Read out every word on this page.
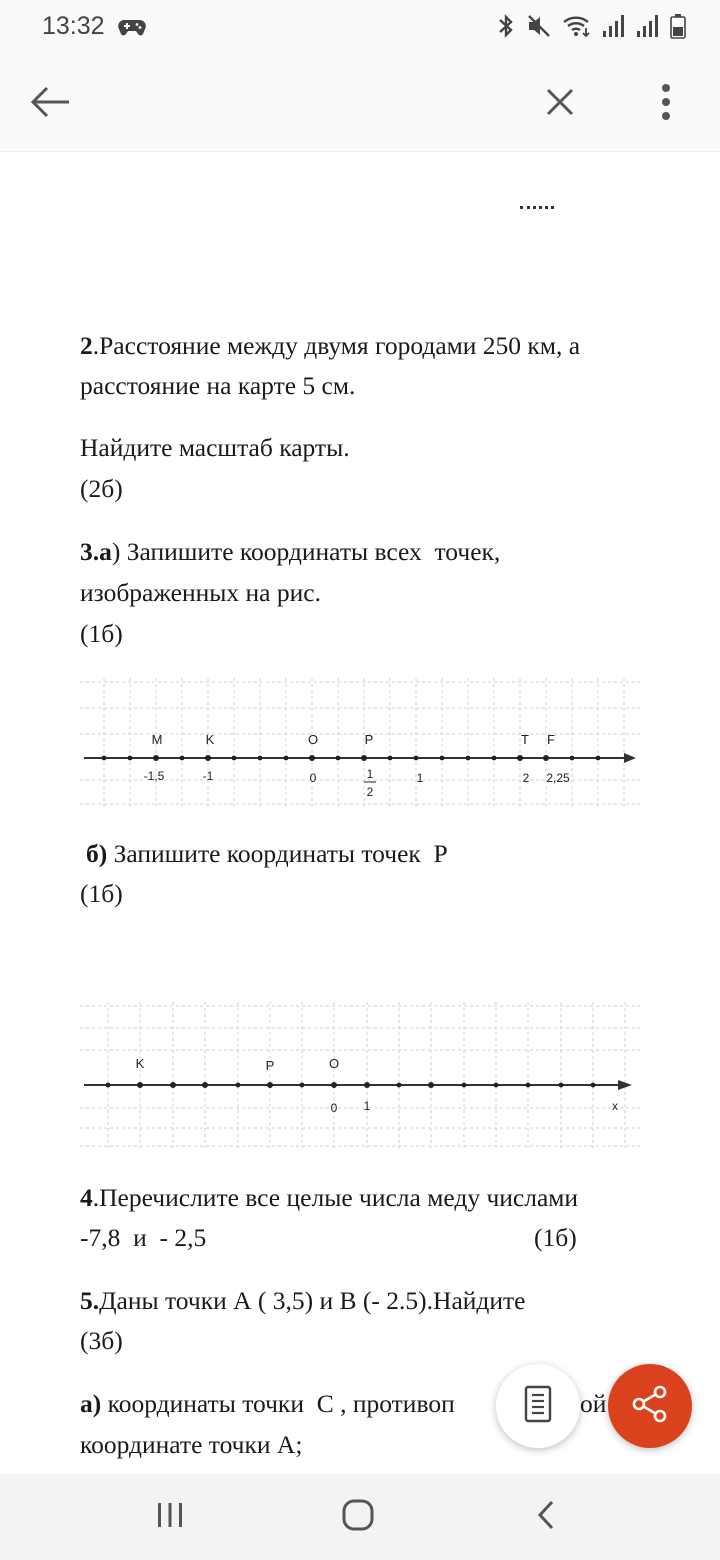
13:32
2.Расстояние между двумя городами 250 км, а
расстояние на карте 5 см.
Найдите масштаб карты.
(2б)
3.а) Запишите координаты всех  точек,
изображенных на рис.
(1б)
M	K	O	P	T F
-1,5	-1	0	1
2
1	2 2,25
б) Запишите координаты точек  Р
(1б)
K	P	O
0 1	x
4.Перечислите все целые числа меду числами
-7,8  и  - 2,5	(1б)
5.Даны точки А ( 3,5) и В (- 2.5).Найдите
(3б)
а) координаты точки  С , противоп	ой
координате точки А;
